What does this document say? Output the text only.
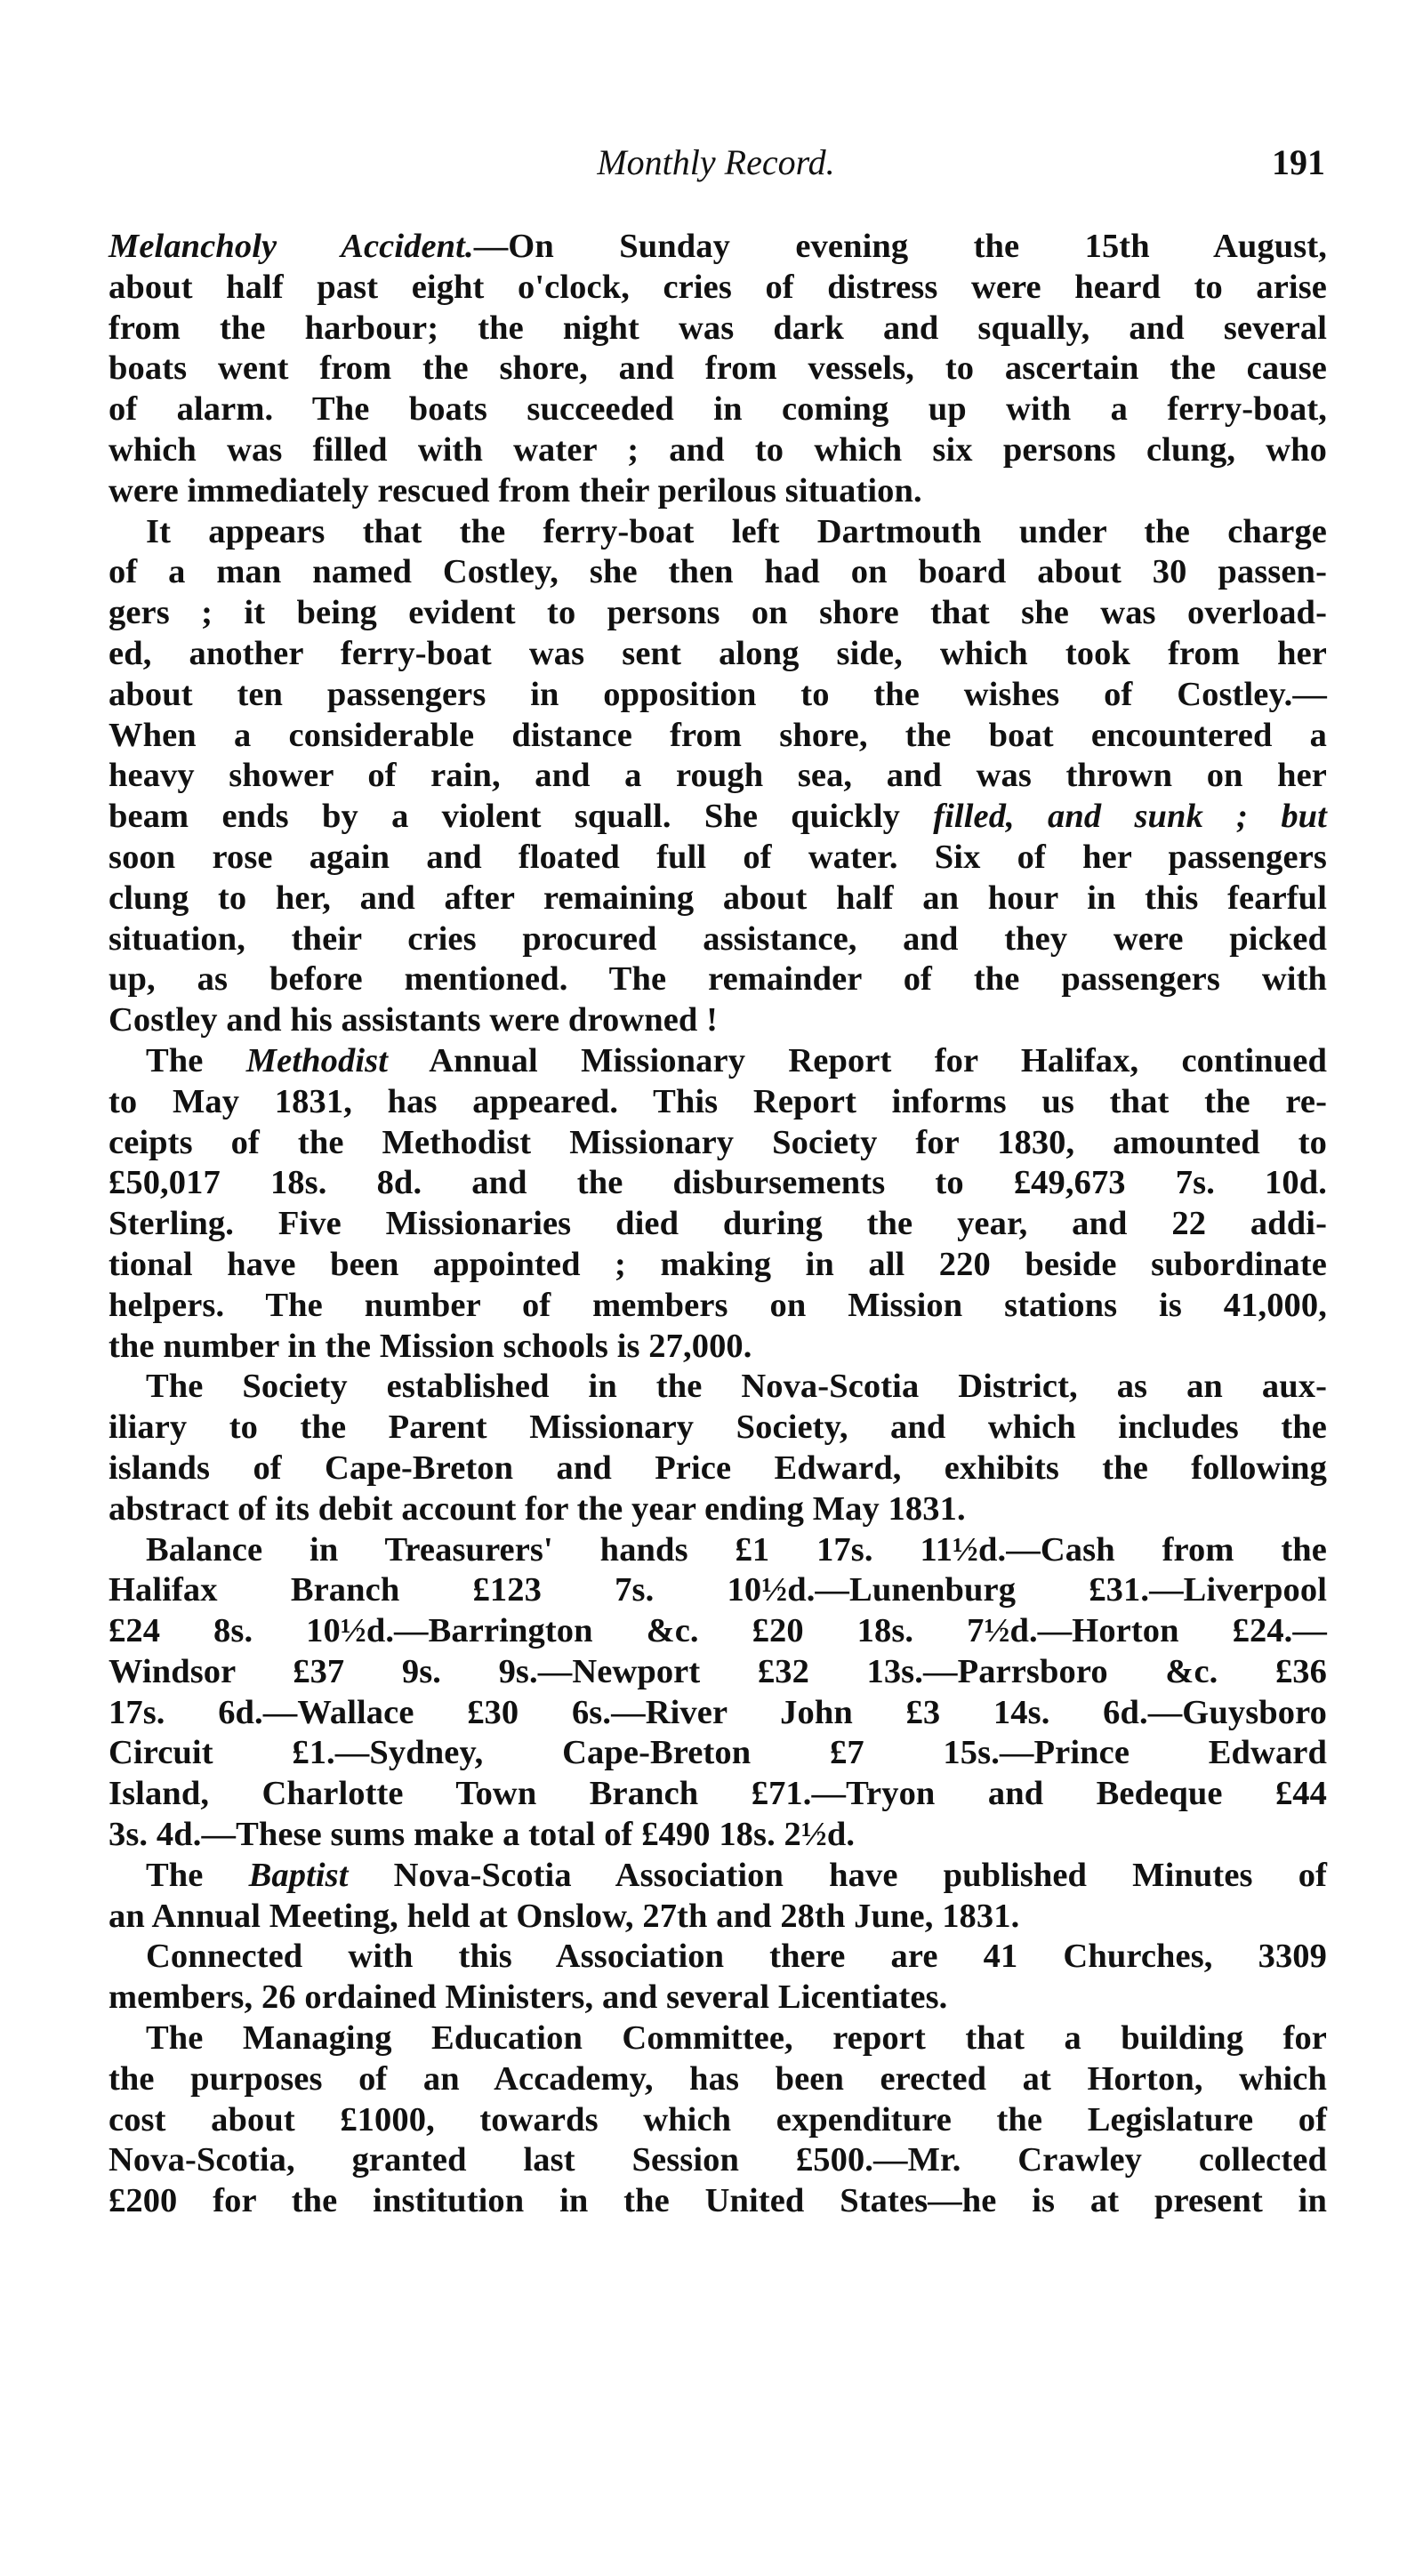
Monthly Record.	191
Melancholy Accident.—On Sunday evening the 15th August,
about half past eight o'clock, cries of distress were heard to arise
from the harbour; the night was dark and squally, and several
boats went from the shore, and from vessels, to ascertain the cause
of alarm. The boats succeeded in coming up with a ferry-boat,
which was filled with water ; and to which six persons clung, who
were immediately rescued from their perilous situation.
It appears that the ferry-boat left Dartmouth under the charge
of a man named Costley, she then had on board about 30 passen-
gers ; it being evident to persons on shore that she was overload-
ed, another ferry-boat was sent along side, which took from her
about ten passengers in opposition to the wishes of Costley.—
When a considerable distance from shore, the boat encountered a
heavy shower of rain, and a rough sea, and was thrown on her
beam ends by a violent squall. She quickly filled, and sunk ; but
soon rose again and floated full of water. Six of her passengers
clung to her, and after remaining about half an hour in this fearful
situation, their cries procured assistance, and they were picked
up, as before mentioned. The remainder of the passengers with
Costley and his assistants were drowned !
The Methodist Annual Missionary Report for Halifax, continued
to May 1831, has appeared. This Report informs us that the re-
ceipts of the Methodist Missionary Society for 1830, amounted to
£50,017 18s. 8d. and the disbursements to £49,673 7s. 10d.
Sterling. Five Missionaries died during the year, and 22 addi-
tional have been appointed ; making in all 220 beside subordinate
helpers. The number of members on Mission stations is 41,000,
the number in the Mission schools is 27,000.
The Society established in the Nova-Scotia District, as an aux-
iliary to the Parent Missionary Society, and which includes the
islands of Cape-Breton and Price Edward, exhibits the following
abstract of its debit account for the year ending May 1831.
Balance in Treasurers' hands £1 17s. 11½d.—Cash from the
Halifax Branch £123 7s. 10½d.—Lunenburg £31.—Liverpool
£24 8s. 10½d.—Barrington &c. £20 18s. 7½d.—Horton £24.—
Windsor £37 9s. 9s.—Newport £32 13s.—Parrsboro &c. £36
17s. 6d.—Wallace £30 6s.—River John £3 14s. 6d.—Guysboro
Circuit £1.—Sydney, Cape-Breton £7 15s.—Prince Edward
Island, Charlotte Town Branch £71.—Tryon and Bedeque £44
3s. 4d.—These sums make a total of £490 18s. 2½d.
The Baptist Nova-Scotia Association have published Minutes of
an Annual Meeting, held at Onslow, 27th and 28th June, 1831.
Connected with this Association there are 41 Churches, 3309
members, 26 ordained Ministers, and several Licentiates.
The Managing Education Committee, report that a building for
the purposes of an Accademy, has been erected at Horton, which
cost about £1000, towards which expenditure the Legislature of
Nova-Scotia, granted last Session £500.—Mr. Crawley collected
£200 for the institution in the United States—he is at present in
